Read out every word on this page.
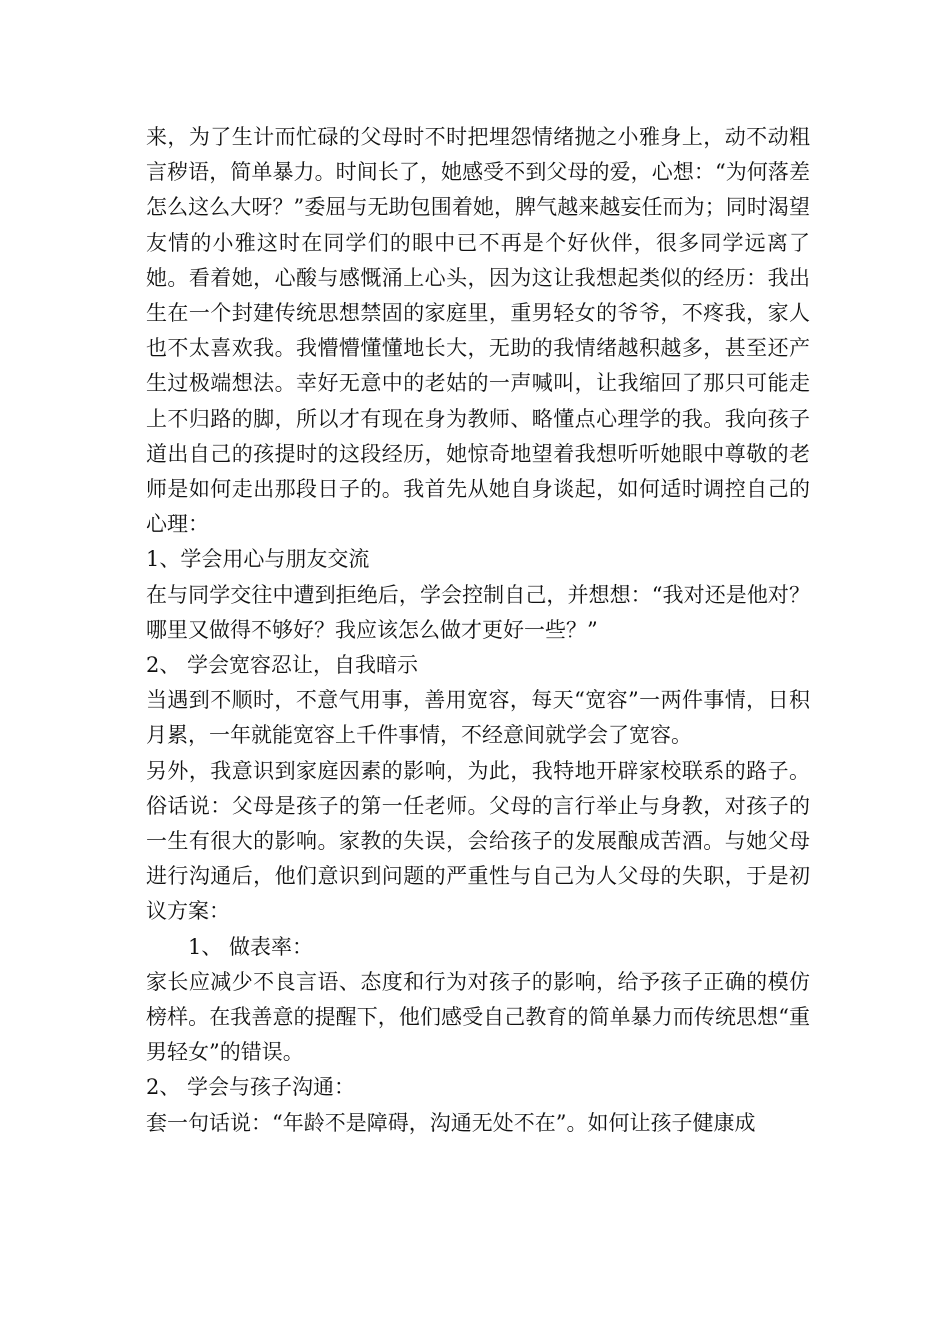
来，为了生计而忙碌的父母时不时把埋怨情绪抛之小雅身上，动不动粗言秽语，简单暴力。时间长了，她感受不到父母的爱，心想：“为何落差怎么这么大呀？”委屈与无助包围着她，脾气越来越妄任而为；同时渴望友情的小雅这时在同学们的眼中已不再是个好伙伴，很多同学远离了她。看着她，心酸与感慨涌上心头，因为这让我想起类似的经历：我出生在一个封建传统思想禁固的家庭里，重男轻女的爷爷，不疼我，家人也不太喜欢我。我懵懵懂懂地长大，无助的我情绪越积越多，甚至还产生过极端想法。幸好无意中的老姑的一声喊叫，让我缩回了那只可能走上不归路的脚，所以才有现在身为教师、略懂点心理学的我。我向孩子道出自己的孩提时的这段经历，她惊奇地望着我想听听她眼中尊敬的老师是如何走出那段日子的。我首先从她自身谈起，如何适时调控自己的心理：

1、学会用心与朋友交流

在与同学交往中遭到拒绝后，学会控制自己，并想想：“我对还是他对？哪里又做得不够好？我应该怎么做才更好一些？”

2、 学会宽容忍让，自我暗示

当遇到不顺时，不意气用事，善用宽容，每天“宽容”一两件事情，日积月累，一年就能宽容上千件事情，不经意间就学会了宽容。

另外，我意识到家庭因素的影响，为此，我特地开辟家校联系的路子。俗话说：父母是孩子的第一任老师。父母的言行举止与身教，对孩子的一生有很大的影响。家教的失误，会给孩子的发展酿成苦酒。与她父母进行沟通后，他们意识到问题的严重性与自己为人父母的失职，于是初议方案：

1、 做表率：

家长应减少不良言语、态度和行为对孩子的影响，给予孩子正确的模仿榜样。在我善意的提醒下，他们感受自己教育的简单暴力而传统思想“重男轻女”的错误。

2、 学会与孩子沟通：

套一句话说：“年龄不是障碍，沟通无处不在”。如何让孩子健康成
